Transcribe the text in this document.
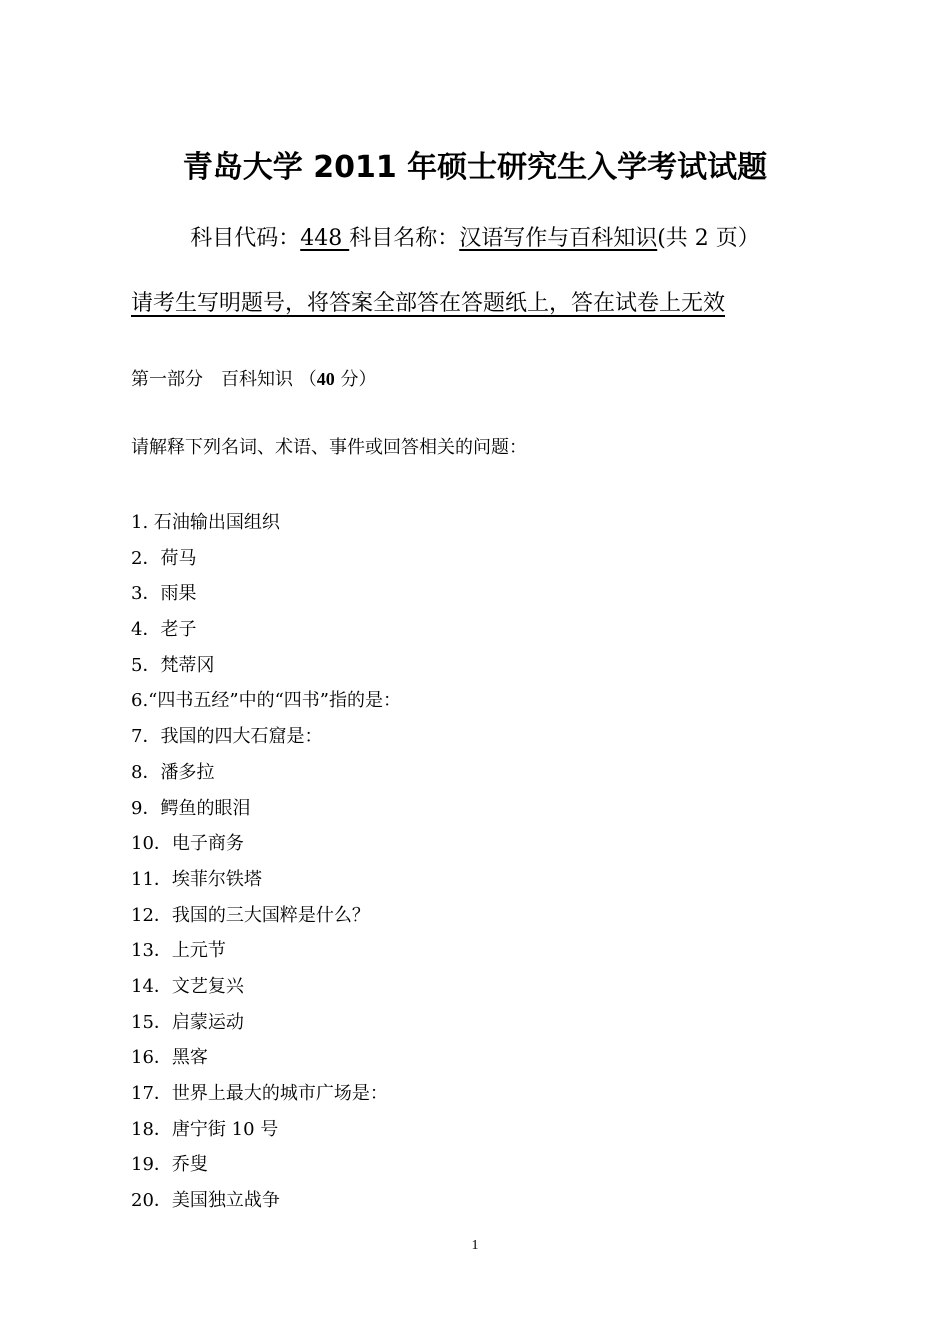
青岛大学 2011 年硕士研究生入学考试试题
科目代码：448 科目名称：汉语写作与百科知识(共 2 页）
请考生写明题号，将答案全部答在答题纸上，答在试卷上无效
第一部分　百科知识 （40 分）
请解释下列名词、术语、事件或回答相关的问题：
1. 石油输出国组织
2．荷马
3．雨果
4．老子
5．梵蒂冈
6.“四书五经”中的“四书”指的是：
7．我国的四大石窟是：
8．潘多拉
9．鳄鱼的眼泪
10．电子商务
11．埃菲尔铁塔
12．我国的三大国粹是什么？
13．上元节
14．文艺复兴
15．启蒙运动
16．黑客
17．世界上最大的城市广场是：
18．唐宁街 10 号
19．乔叟
20．美国独立战争
1
